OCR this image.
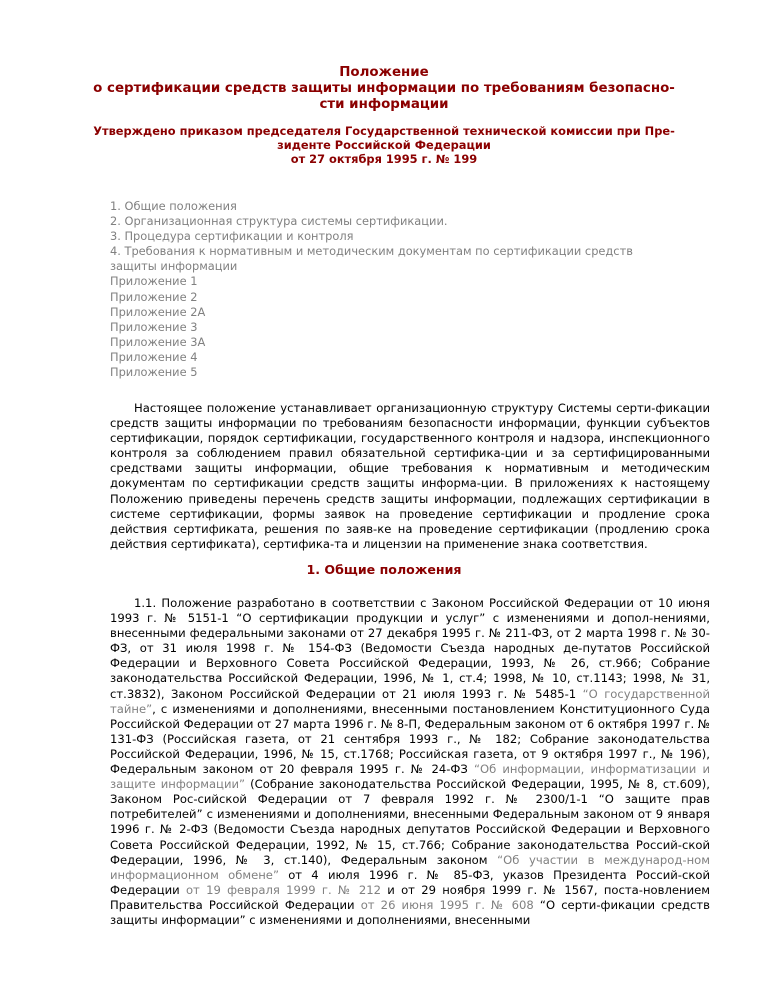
Положение
о сертификации средств защиты информации по требованиям безопасно-
сти информации
Утверждено приказом председателя Государственной технической комиссии при Пре-
зиденте Российской Федерации
от 27 октября 1995 г. № 199
1. Общие положения
2. Организационная структура системы сертификации.
3. Процедура сертификации и контроля
4. Требования к нормативным и методическим документам по сертификации средств
защиты информации
Приложение 1
Приложение 2
Приложение 2А
Приложение 3
Приложение 3А
Приложение 4
Приложение 5

Настоящее положение устанавливает организационную структуру Системы серти-фикации средств защиты информации по требованиям безопасности информации, функции субъектов сертификации, порядок сертификации, государственного контроля и надзора, инспекционного контроля за соблюдением правил обязательной сертифика-ции и за сертифицированными средствами защиты информации, общие требования к нормативным и методическим документам по сертификации средств защиты информа-ции. В приложениях к настоящему Положению приведены перечень средств защиты информации, подлежащих сертификации в системе сертификации, формы заявок на проведение сертификации и продление срока действия сертификата, решения по заяв-ке на проведение сертификации (продлению срока действия сертификата), сертифика-та и лицензии на применение знака соответствия.

1. Общие положения

1.1. Положение разработано в соответствии с Законом Российской Федерации от 10 июня 1993 г. № 5151-1 “О сертификации продукции и услуг” с изменениями и допол-нениями, внесенными федеральными законами от 27 декабря 1995 г. № 211-ФЗ, от 2 марта 1998 г. № 30-ФЗ, от 31 июля 1998 г. № 154-ФЗ (Ведомости Съезда народных де-путатов Российской Федерации и Верховного Совета Российской Федерации, 1993, № 26, ст.966; Собрание законодательства Российской Федерации, 1996, № 1, ст.4; 1998, № 10, ст.1143; 1998, № 31, ст.3832), Законом Российской Федерации от 21 июля 1993 г. № 5485-1 “О государственной тайне”, с изменениями и дополнениями, внесенными постановлением Конституционного Суда Российской Федерации от 27 марта 1996 г. № 8-П, Федеральным законом от 6 октября 1997 г. № 131-ФЗ (Российская газета, от 21 сентября 1993 г., № 182; Собрание законодательства Российской Федерации, 1996, № 15, ст.1768; Российская газета, от 9 октября 1997 г., № 196), Федеральным законом от 20 февраля 1995 г. № 24-ФЗ “Об информации, информатизации и защите информации” (Собрание законодательства Российской Федерации, 1995, № 8, ст.609), Законом Рос-сийской Федерации от 7 февраля 1992 г. № 2300/1-1 “О защите прав потребителей” с изменениями и дополнениями, внесенными Федеральным законом от 9 января 1996 г. № 2-ФЗ (Ведомости Съезда народных депутатов Российской Федерации и Верховного Совета Российской Федерации, 1992, № 15, ст.766; Собрание законодательства Россий-ской Федерации, 1996, № 3, ст.140), Федеральным законом “Об участии в международ-ном информационном обмене” от 4 июля 1996 г. № 85-ФЗ, указов Президента Россий-ской Федерации от 19 февраля 1999 г. № 212 и от 29 ноября 1999 г. № 1567, поста-новлением Правительства Российской Федерации от 26 июня 1995 г. № 608 “О серти-фикации средств защиты информации” с изменениями и дополнениями, внесенными
